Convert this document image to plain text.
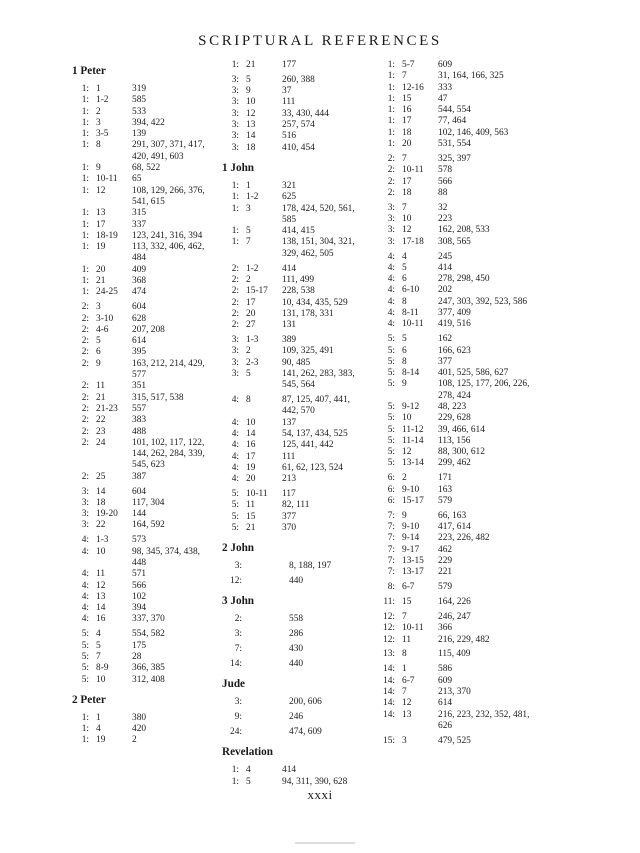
SCRIPTURAL REFERENCES
1 Peter
1: 1	319
1: 1-2	585
1: 2	533
1: 3	394, 422
1: 3-5	139
1: 8	291, 307, 371, 417, 420, 491, 603
1: 9	68, 522
1: 10-11	65
1: 12	108, 129, 266, 376, 541, 615
1: 13	315
1: 17	337
1: 18-19	123, 241, 316, 394
1: 19	113, 332, 406, 462, 484
1: 20	409
1: 21	368
1: 24-25	474
2: 3	604
2: 3-10	628
2: 4-6	207, 208
2: 5	614
2: 6	395
2: 9	163, 212, 214, 429, 577
2: 11	351
2: 21	315, 517, 538
2: 21-23	557
2: 22	383
2: 23	488
2: 24	101, 102, 117, 122, 144, 262, 284, 339, 545, 623
2: 25	387
3: 14	604
3: 18	117, 304
3: 19-20	144
3: 22	164, 592
4: 1-3	573
4: 10	98, 345, 374, 438, 448
4: 11	571
4: 12	566
4: 13	102
4: 14	394
4: 16	337, 370
5: 4	554, 582
5: 5	175
5: 7	28
5: 8-9	366, 385
5: 10	312, 408
2 Peter
1: 1	380
1: 4	420
1: 19	2
1: 21	177
3: 5	260, 388
3: 9	37
3: 10	111
3: 12	33, 430, 444
3: 13	257, 574
3: 14	516
3: 18	410, 454
1 John
1: 1	321
1: 1-2	625
1: 3	178, 424, 520, 561, 585
1: 5	414, 415
1: 7	138, 151, 304, 321, 329, 462, 505
2: 1-2	414
2: 2	111, 499
2: 15-17	228, 538
2: 17	10, 434, 435, 529
2: 20	131, 178, 331
2: 27	131
3: 1-3	389
3: 2	109, 325, 491
3: 2-3	90, 485
3: 5	141, 262, 283, 383, 545, 564
4: 8	87, 125, 407, 441, 442, 570
4: 10	137
4: 14	54, 137, 434, 525
4: 16	125, 441, 442
4: 17	111
4: 19	61, 62, 123, 524
4: 20	213
5: 10-11	117
5: 11	82, 111
5: 15	377
5: 21	370
2 John
3:	8, 188, 197
12:	440
3 John
2:	558
3:	286
7:	430
14:	440
Jude
3:	200, 606
9:	246
24:	474, 609
Revelation
1: 4	414
1: 5	94, 311, 390, 628
1: 5-7	609
1: 7	31, 164, 166, 325
1: 12-16	333
1: 15	47
1: 16	544, 554
1: 17	77, 464
1: 18	102, 146, 409, 563
1: 20	531, 554
2: 7	325, 397
2: 10-11	578
2: 17	566
2: 18	88
3: 7	32
3: 10	223
3: 12	162, 208, 533
3: 17-18	308, 565
4: 4	245
4: 5	414
4: 6	278, 298, 450
4: 6-10	202
4: 8	247, 303, 392, 523, 586
4: 8-11	377, 409
4: 10-11	419, 516
5: 5	162
5: 6	166, 623
5: 8	377
5: 8-14	401, 525, 586, 627
5: 9	108, 125, 177, 206, 226, 278, 424
5: 9-12	48, 223
5: 10	229, 628
5: 11-12	39, 466, 614
5: 11-14	113, 156
5: 12	88, 300, 612
5: 13-14	299, 462
6: 2	171
6: 9-10	163
6: 15-17	579
7: 9	66, 163
7: 9-10	417, 614
7: 9-14	223, 226, 482
7: 9-17	462
7: 13-15	229
7: 13-17	221
8: 6-7	579
11: 15	164, 226
12: 7	246, 247
12: 10-11	366
12: 11	216, 229, 482
13: 8	115, 409
14: 1	586
14: 6-7	609
14: 7	213, 370
14: 12	614
14: 13	216, 223, 232, 352, 481, 626
15: 3	479, 525
xxxi
